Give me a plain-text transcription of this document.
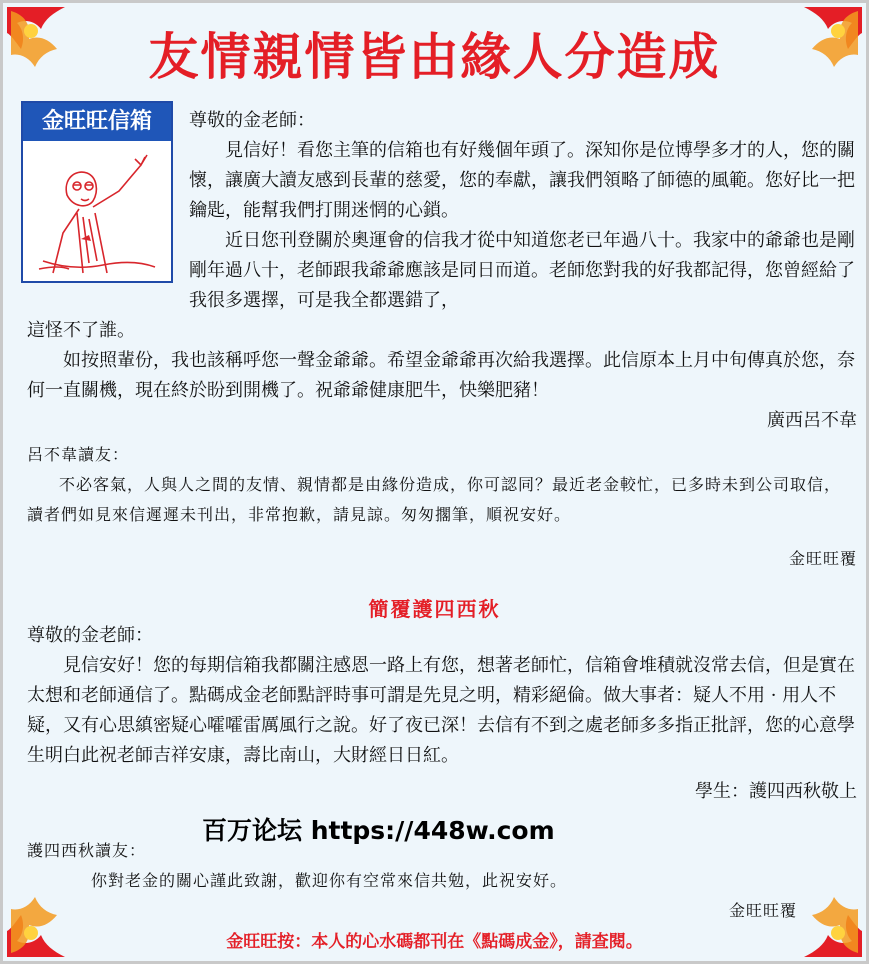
友情親情皆由緣人分造成
金旺旺信箱	尊敬的金老師：
見信好！看您主筆的信箱也有好幾個年頭了。深知你是位博學多才的人，您的關懷，讓廣大讀友感到長輩的慈愛，您的奉獻，讓我們領略了師德的風範。您好比一把鑰匙，能幫我們打開迷惘的心鎖。
近日您刊登關於奧運會的信我才從中知道您老已年過八十。我家中的爺爺也是剛剛年過八十，老師跟我爺爺應該是同日而道。老師您對我的好我都記得，您曾經給了我很多選擇，可是我全都選錯了，
這怪不了誰。
如按照輩份，我也該稱呼您一聲金爺爺。希望金爺爺再次給我選擇。此信原本上月中旬傳真於您，奈何一直關機，現在終於盼到開機了。祝爺爺健康肥牛，快樂肥豬！
廣西呂不韋
呂不韋讀友：
不必客氣，人與人之間的友情、親情都是由緣份造成，你可認同？最近老金較忙，已多時未到公司取信，讀者們如見來信遲遲未刊出，非常抱歉，請見諒。匆匆擱筆，順祝安好。
金旺旺覆
簡覆護四西秋
尊敬的金老師：
見信安好！您的每期信箱我都關注感恩一路上有您，想著老師忙，信箱會堆積就沒常去信，但是實在太想和老師通信了。點碼成金老師點評時事可謂是先見之明，精彩絕倫。做大事者：疑人不用 · 用人不疑，又有心思縝密疑心嚯嚯雷厲風行之說。好了夜已深！去信有不到之處老師多多指正批評，您的心意學生明白此祝老師吉祥安康，壽比南山，大財經日日紅。
學生：護四西秋敬上
百万论坛 https://448w.com
護四西秋讀友：
你對老金的關心謹此致謝，歡迎你有空常來信共勉，此祝安好。
金旺旺覆
金旺旺按：本人的心水碼都刊在《點碼成金》，請查閱。
